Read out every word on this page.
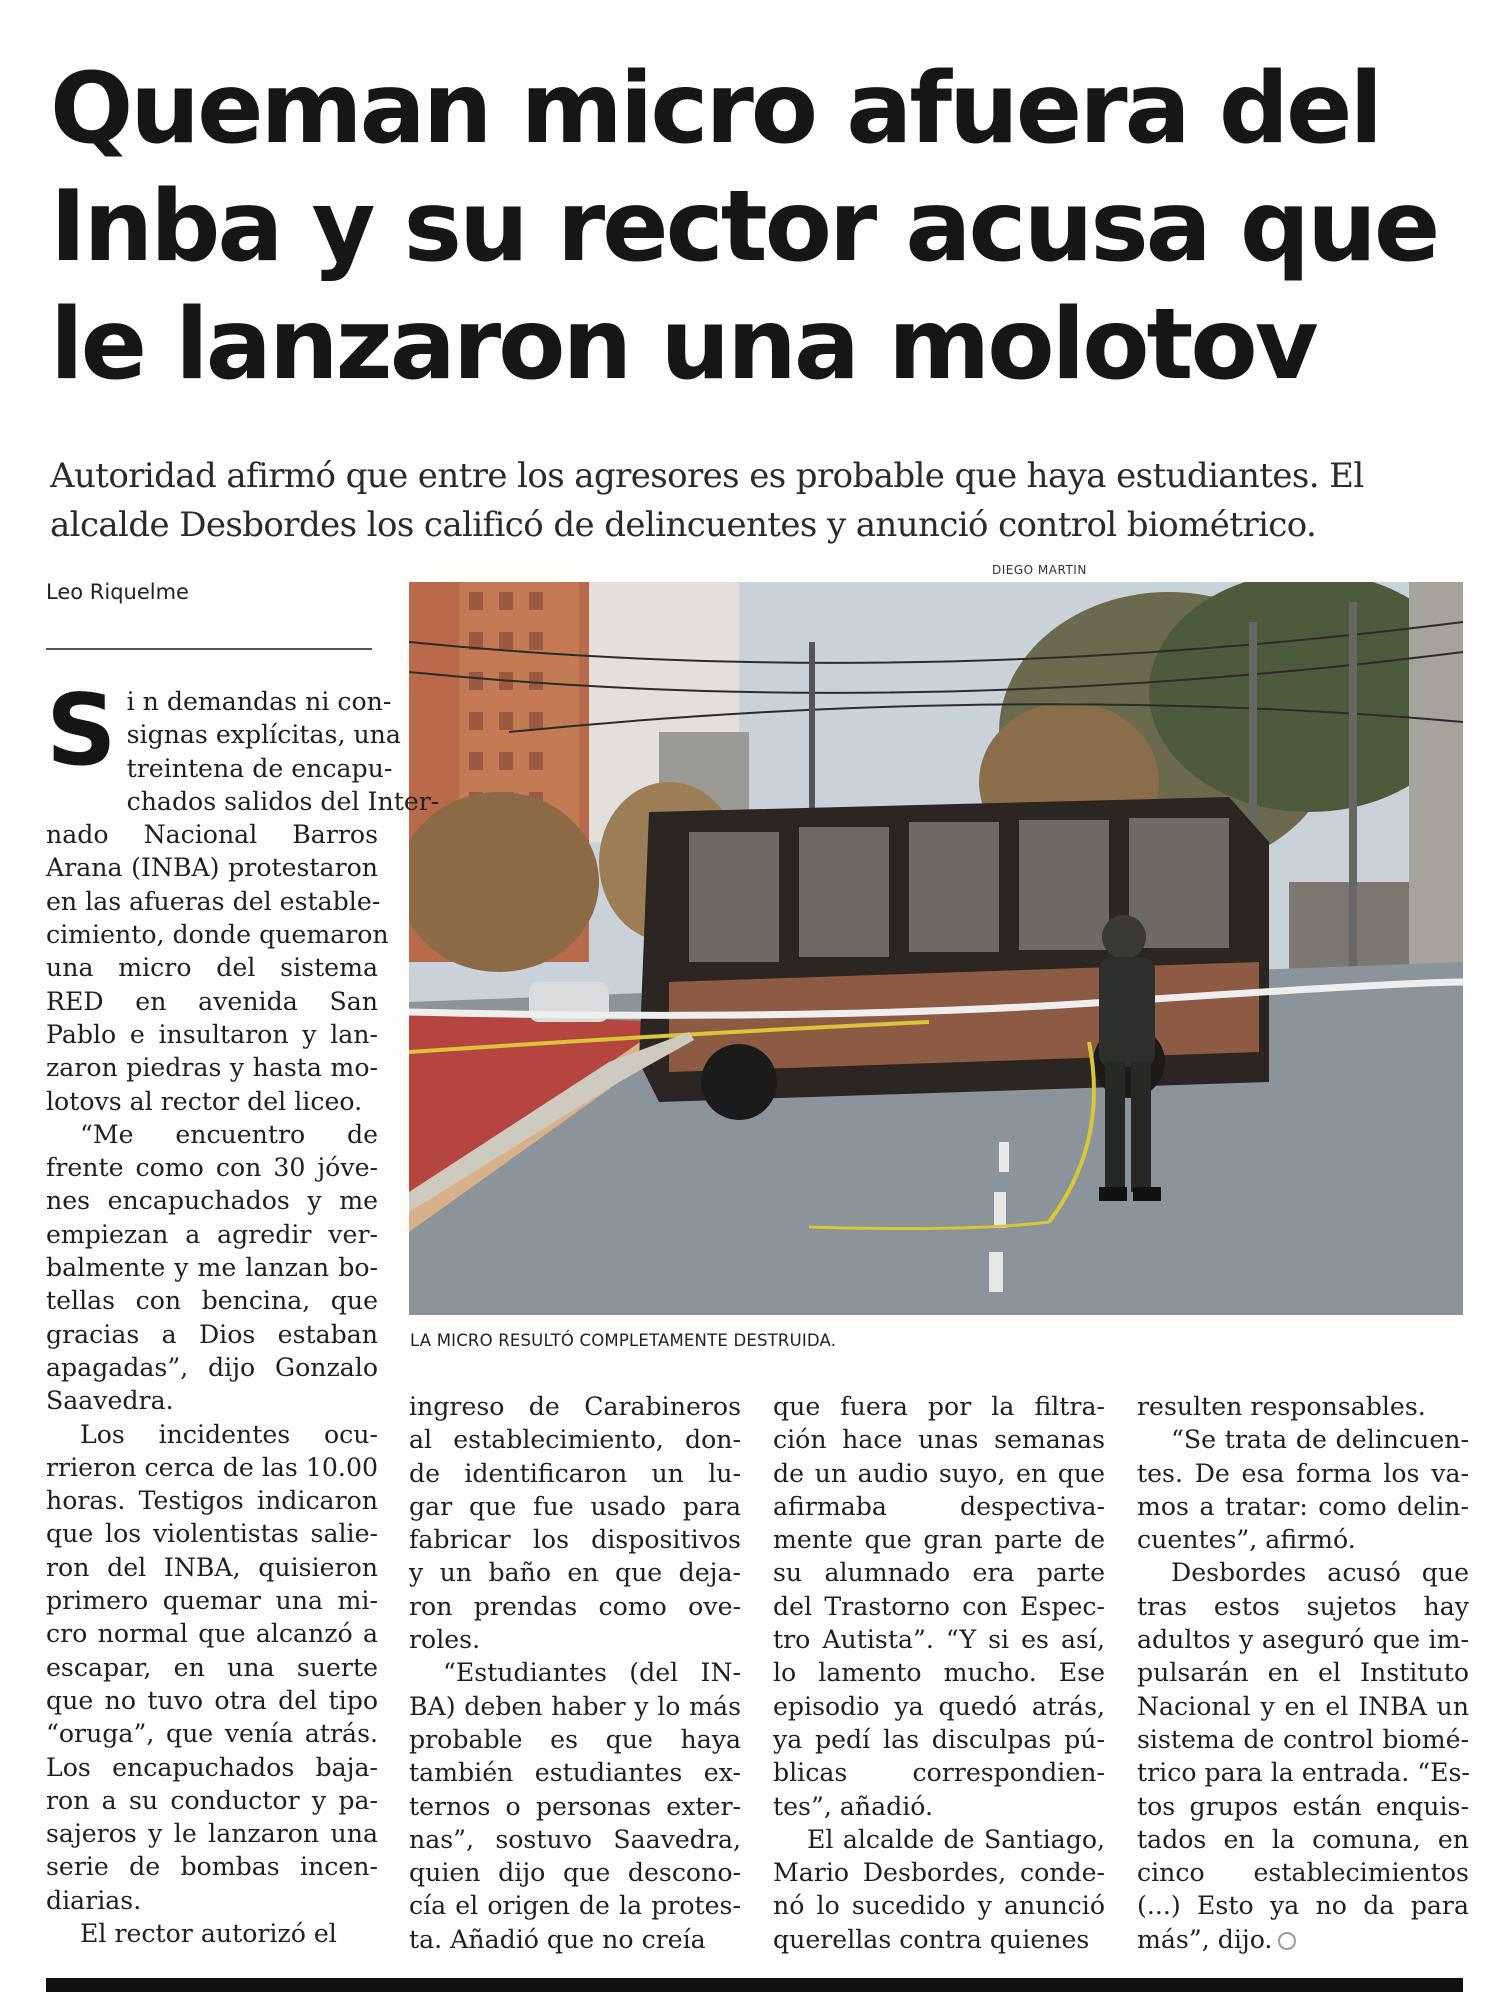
Queman micro afuera del
Inba y su rector acusa que
le lanzaron una molotov
Autoridad afirmó que entre los agresores es probable que haya estudiantes. El
alcalde Desbordes los calificó de delincuentes y anunció control biométrico.
Leo Riquelme
DIEGO MARTIN
LA MICRO RESULTÓ COMPLETAMENTE DESTRUIDA.
S i n demandas ni con-
signas explícitas, una
treintena de encapu-
chados salidos del Inter-
nado Nacional Barros
Arana (INBA) protestaron
en las afueras del estable-
cimiento, donde quemaron
una micro del sistema
RED en avenida San
Pablo e insultaron y lan-
zaron piedras y hasta mo-
lotovs al rector del liceo.
“Me encuentro de
frente como con 30 jóve-
nes encapuchados y me
empiezan a agredir ver-
balmente y me lanzan bo-
tellas con bencina, que
gracias a Dios estaban
apagadas”, dijo Gonzalo
Saavedra.
Los incidentes ocu-
rrieron cerca de las 10.00
horas. Testigos indicaron
que los violentistas salie-
ron del INBA, quisieron
primero quemar una mi-
cro normal que alcanzó a
escapar, en una suerte
que no tuvo otra del tipo
“oruga”, que venía atrás.
Los encapuchados baja-
ron a su conductor y pa-
sajeros y le lanzaron una
serie de bombas incen-
diarias.
El rector autorizó el
ingreso de Carabineros
al establecimiento, don-
de identificaron un lu-
gar que fue usado para
fabricar los dispositivos
y un baño en que deja-
ron prendas como ove-
roles.
“Estudiantes (del IN-
BA) deben haber y lo más
probable es que haya
también estudiantes ex-
ternos o personas exter-
nas”, sostuvo Saavedra,
quien dijo que descono-
cía el origen de la protes-
ta. Añadió que no creía
que fuera por la filtra-
ción hace unas semanas
de un audio suyo, en que
afirmaba despectiva-
mente que gran parte de
su alumnado era parte
del Trastorno con Espec-
tro Autista”. “Y si es así,
lo lamento mucho. Ese
episodio ya quedó atrás,
ya pedí las disculpas pú-
blicas correspondien-
tes”, añadió.
El alcalde de Santiago,
Mario Desbordes, conde-
nó lo sucedido y anunció
querellas contra quienes
resulten responsables.
“Se trata de delincuen-
tes. De esa forma los va-
mos a tratar: como delin-
cuentes”, afirmó.
Desbordes acusó que
tras estos sujetos hay
adultos y aseguró que im-
pulsarán en el Instituto
Nacional y en el INBA un
sistema de control biomé-
trico para la entrada. “Es-
tos grupos están enquis-
tados en la comuna, en
cinco establecimientos
(...) Esto ya no da para
más”, dijo.
